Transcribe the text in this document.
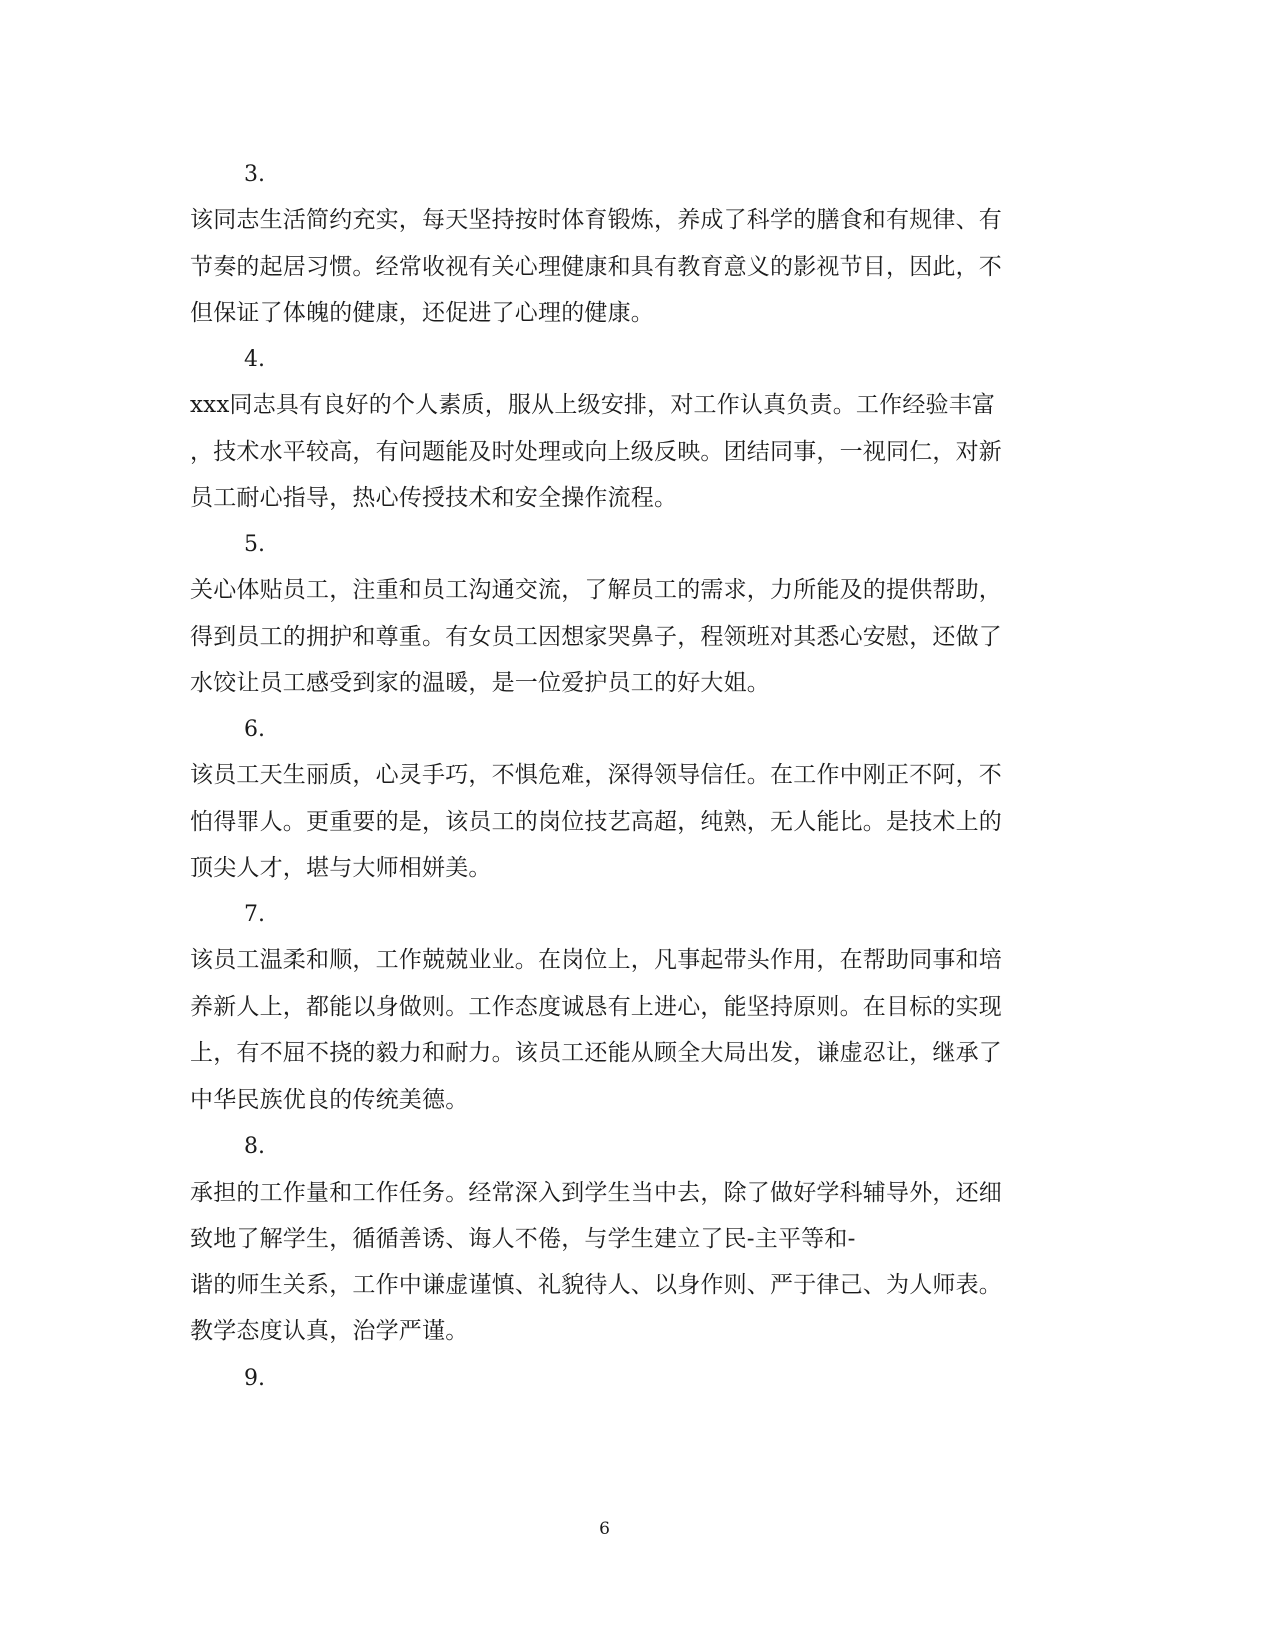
3.
该同志生活简约充实，每天坚持按时体育锻炼，养成了科学的膳食和有规律、有
节奏的起居习惯。经常收视有关心理健康和具有教育意义的影视节目，因此，不
但保证了体魄的健康，还促进了心理的健康。
4.
xxx同志具有良好的个人素质，服从上级安排，对工作认真负责。工作经验丰富
，技术水平较高，有问题能及时处理或向上级反映。团结同事，一视同仁，对新
员工耐心指导，热心传授技术和安全操作流程。
5.
关心体贴员工，注重和员工沟通交流，了解员工的需求，力所能及的提供帮助，
得到员工的拥护和尊重。有女员工因想家哭鼻子，程领班对其悉心安慰，还做了
水饺让员工感受到家的温暖，是一位爱护员工的好大姐。
6.
该员工天生丽质，心灵手巧，不惧危难，深得领导信任。在工作中刚正不阿，不
怕得罪人。更重要的是，该员工的岗位技艺高超，纯熟，无人能比。是技术上的
顶尖人才，堪与大师相姘美。
7.
该员工温柔和顺，工作兢兢业业。在岗位上，凡事起带头作用，在帮助同事和培
养新人上，都能以身做则。工作态度诚恳有上进心，能坚持原则。在目标的实现
上，有不屈不挠的毅力和耐力。该员工还能从顾全大局出发，谦虚忍让，继承了
中华民族优良的传统美德。
8.
承担的工作量和工作任务。经常深入到学生当中去，除了做好学科辅导外，还细
致地了解学生，循循善诱、诲人不倦，与学生建立了民-主平等和-
谐的师生关系，工作中谦虚谨慎、礼貌待人、以身作则、严于律己、为人师表。
教学态度认真，治学严谨。
9.
6
